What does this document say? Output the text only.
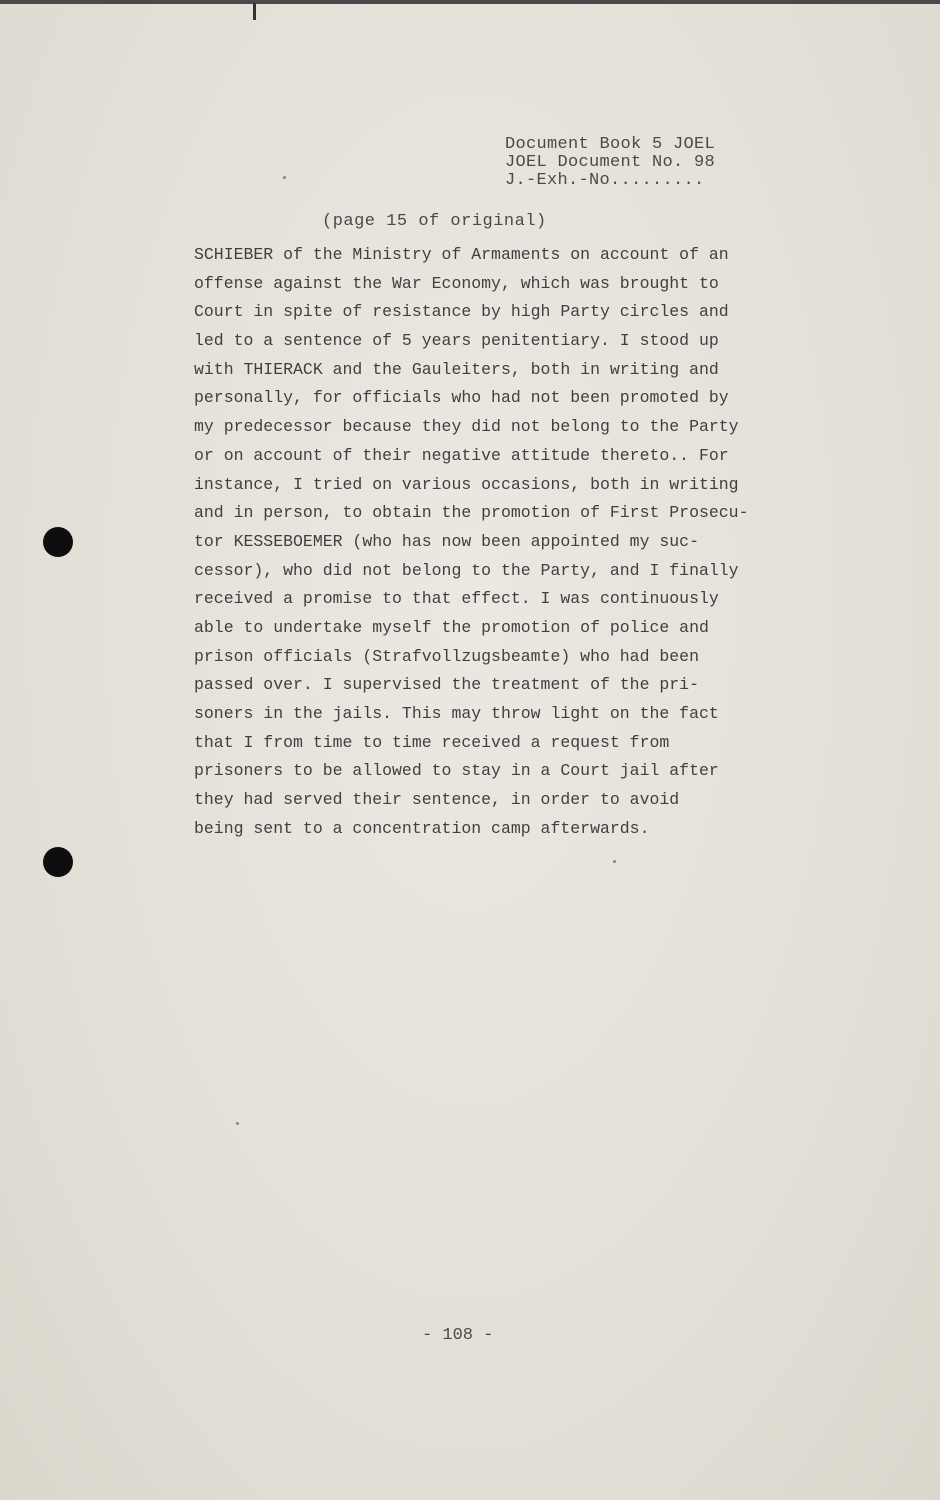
Document Book 5 JOEL
JOEL Document No. 98
J.-Exh.-No.........
(page 15 of original)
SCHIEBER of the Ministry of Armaments on account of an
offense against the War Economy, which was brought to
Court in spite of resistance by high Party circles and
led to a sentence of 5 years penitentiary. I stood up
with THIERACK and the Gauleiters, both in writing and
personally, for officials who had not been promoted by
my predecessor because they did not belong to the Party
or on account of their negative attitude thereto.. For
instance, I tried on various occasions, both in writing
and in person, to obtain the promotion of First Prosecu-
tor KESSEBOEMER (who has now been appointed my suc-
cessor), who did not belong to the Party, and I finally
received a promise to that effect. I was continuously
able to undertake myself the promotion of police and
prison officials (Strafvollzugsbeamte) who had been
passed over. I supervised the treatment of the pri-
soners in the jails. This may throw light on the fact
that I from time to time received a request from
prisoners to be allowed to stay in a Court jail after
they had served their sentence, in order to avoid
being sent to a concentration camp afterwards.
- 108 -
